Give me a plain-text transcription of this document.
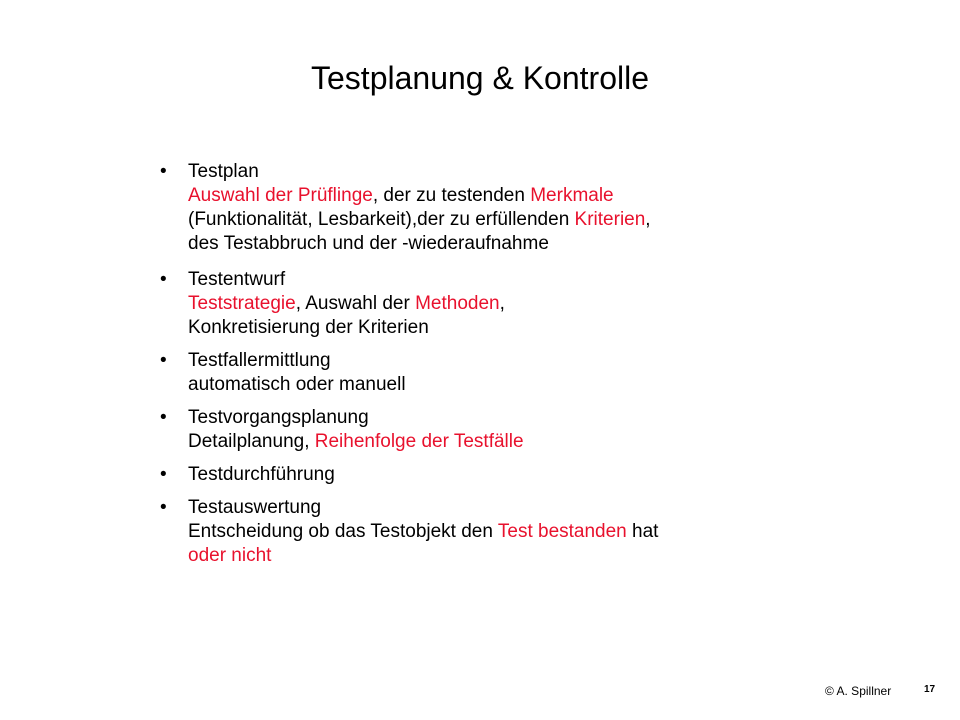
Testplanung & Kontrolle
• Testplan
Auswahl der Prüflinge, der zu testenden Merkmale
(Funktionalität, Lesbarkeit),der zu erfüllenden Kriterien,
des Testabbruch und der -wiederaufnahme
• Testentwurf
Teststrategie, Auswahl der Methoden,
Konkretisierung der Kriterien
• Testfallermittlung
automatisch oder manuell
• Testvorgangsplanung
Detailplanung, Reihenfolge der Testfälle
• Testdurchführung
• Testauswertung
Entscheidung ob das Testobjekt den Test bestanden hat
oder nicht
© A. Spillner	17
